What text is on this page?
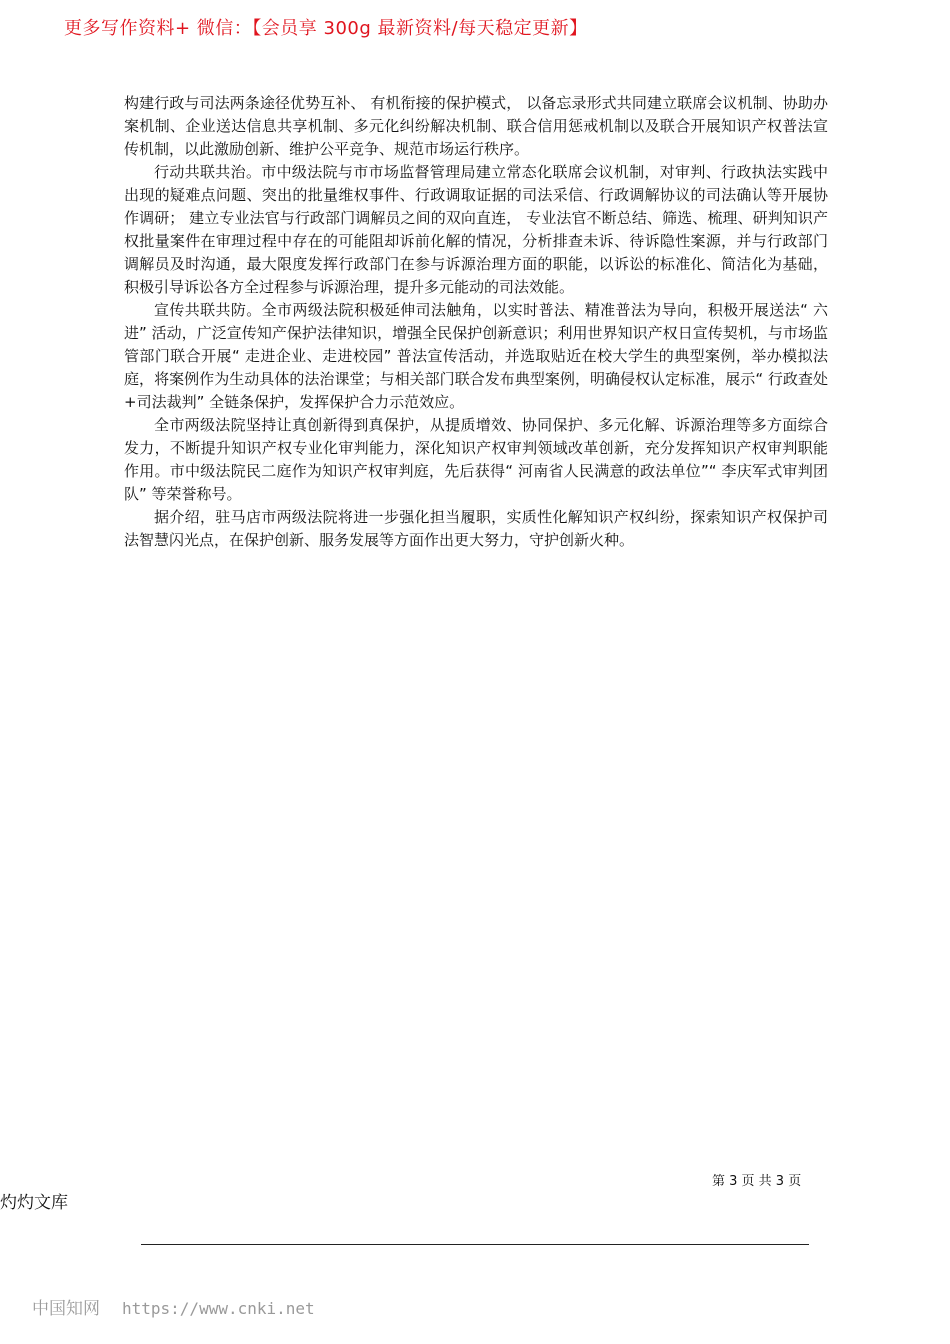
更多写作资料+ 微信：【会员享 300g 最新资料/每天稳定更新】

构建行政与司法两条途径优势互补、 有机衔接的保护模式， 以备忘录形式共同建立联席会议机制、协助办案机制、企业送达信息共享机制、多元化纠纷解决机制、联合信用惩戒机制以及联合开展知识产权普法宣传机制，以此激励创新、维护公平竞争、规范市场运行秩序。

行动共联共治。市中级法院与市市场监督管理局建立常态化联席会议机制，对审判、行政执法实践中出现的疑难点问题、突出的批量维权事件、行政调取证据的司法采信、行政调解协议的司法确认等开展协作调研； 建立专业法官与行政部门调解员之间的双向直连， 专业法官不断总结、筛选、梳理、研判知识产权批量案件在审理过程中存在的可能阻却诉前化解的情况，分析排查未诉、待诉隐性案源，并与行政部门调解员及时沟通，最大限度发挥行政部门在参与诉源治理方面的职能，以诉讼的标准化、简洁化为基础，积极引导诉讼各方全过程参与诉源治理，提升多元能动的司法效能。

宣传共联共防。全市两级法院积极延伸司法触角，以实时普法、精准普法为导向，积极开展送法“ 六进” 活动，广泛宣传知产保护法律知识，增强全民保护创新意识；利用世界知识产权日宣传契机，与市场监管部门联合开展“ 走进企业、走进校园” 普法宣传活动，并选取贴近在校大学生的典型案例，举办模拟法庭，将案例作为生动具体的法治课堂；与相关部门联合发布典型案例，明确侵权认定标准，展示“ 行政查处+司法裁判” 全链条保护，发挥保护合力示范效应。

全市两级法院坚持让真创新得到真保护，从提质增效、协同保护、多元化解、诉源治理等多方面综合发力，不断提升知识产权专业化审判能力，深化知识产权审判领域改革创新，充分发挥知识产权审判职能作用。市中级法院民二庭作为知识产权审判庭，先后获得“ 河南省人民满意的政法单位”“ 李庆军式审判团队” 等荣誉称号。

据介绍，驻马店市两级法院将进一步强化担当履职，实质性化解知识产权纠纷，探索知识产权保护司法智慧闪光点，在保护创新、服务发展等方面作出更大努力，守护创新火种。

第 3 页 共 3 页
灼灼文库
中国知网 https://www.cnki.net
